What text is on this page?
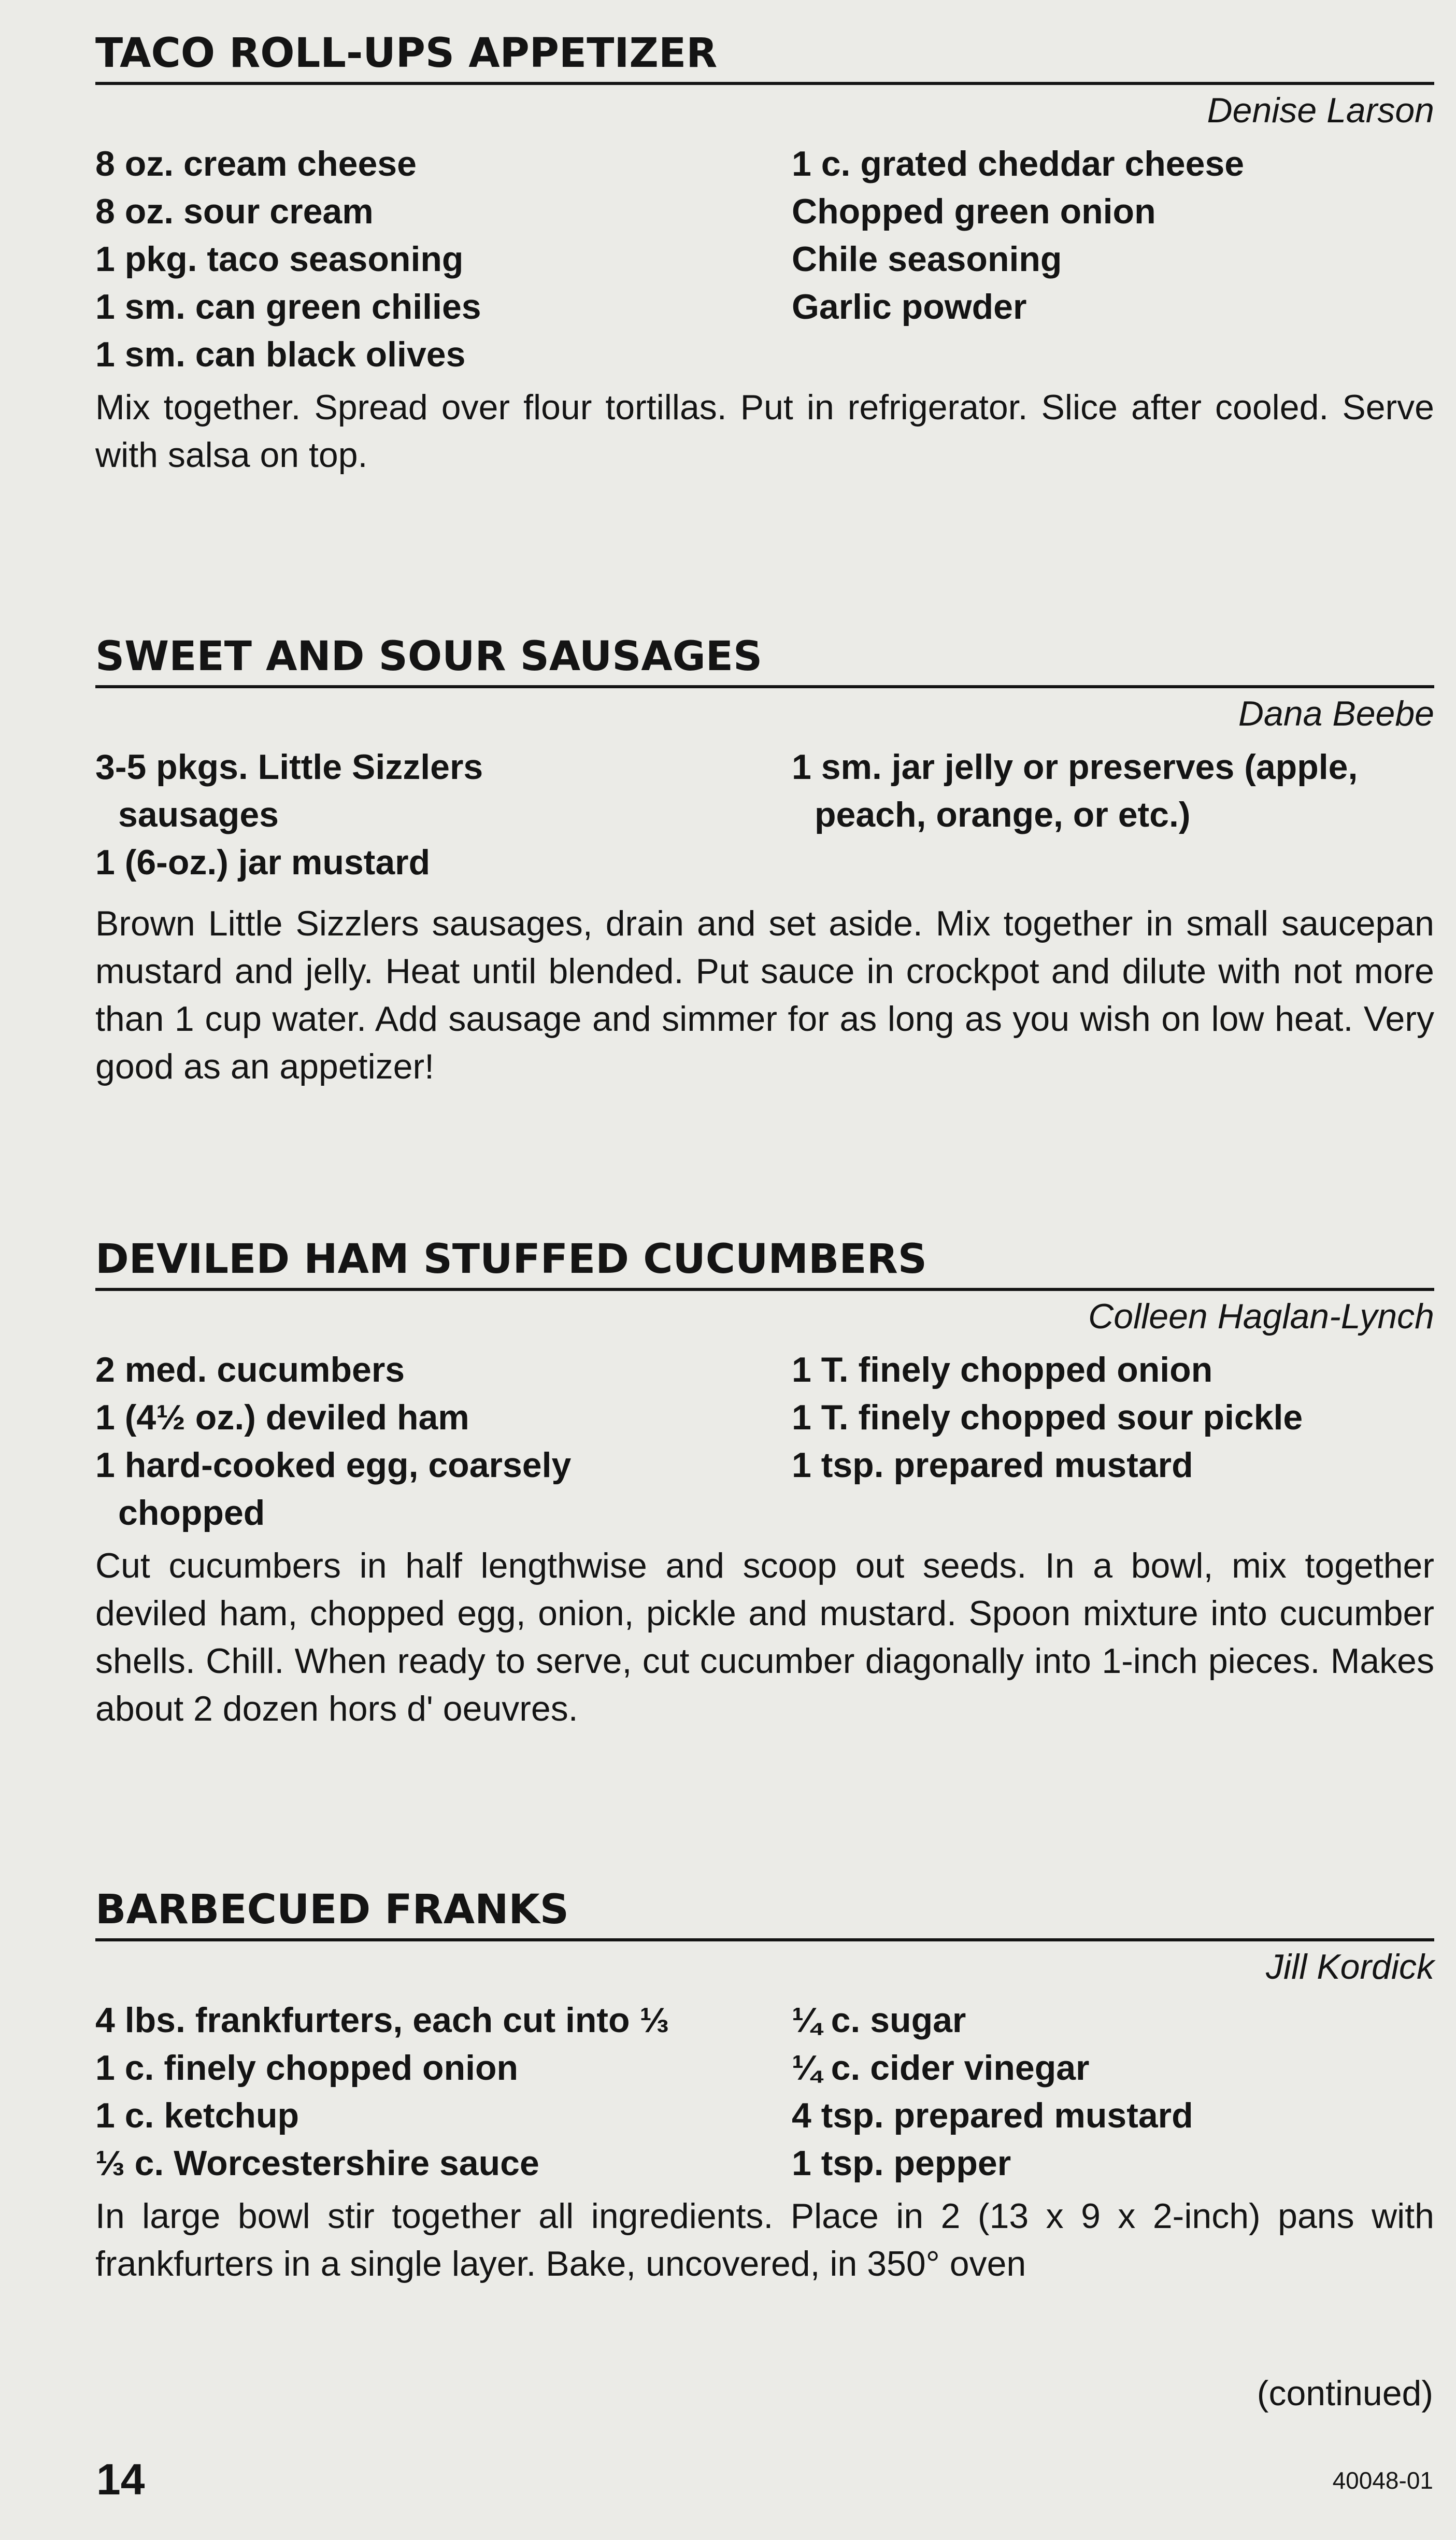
TACO ROLL-UPS APPETIZER
Denise Larson
8 oz. cream cheese
8 oz. sour cream
1 pkg. taco seasoning
1 sm. can green chilies
1 sm. can black olives
1 c. grated cheddar cheese
Chopped green onion
Chile seasoning
Garlic powder
Mix together. Spread over flour tortillas. Put in refrigerator. Slice after cooled. Serve with salsa on top.
SWEET AND SOUR SAUSAGES
Dana Beebe
3-5 pkgs. Little Sizzlers sausages
1 (6-oz.) jar mustard
1 sm. jar jelly or preserves (apple, peach, orange, or etc.)
Brown Little Sizzlers sausages, drain and set aside. Mix together in small saucepan mustard and jelly. Heat until blended. Put sauce in crockpot and dilute with not more than 1 cup water. Add sausage and simmer for as long as you wish on low heat. Very good as an appetizer!
DEVILED HAM STUFFED CUCUMBERS
Colleen Haglan-Lynch
2 med. cucumbers
1 (4½ oz.) deviled ham
1 hard-cooked egg, coarsely chopped
1 T. finely chopped onion
1 T. finely chopped sour pickle
1 tsp. prepared mustard
Cut cucumbers in half lengthwise and scoop out seeds. In a bowl, mix together deviled ham, chopped egg, onion, pickle and mustard. Spoon mixture into cucumber shells. Chill. When ready to serve, cut cucumber diagonally into 1-inch pieces. Makes about 2 dozen hors d' oeuvres.
BARBECUED FRANKS
Jill Kordick
4 lbs. frankfurters, each cut into ⅓
1 c. finely chopped onion
1 c. ketchup
⅓ c. Worcestershire sauce
¼ c. sugar
¼ c. cider vinegar
4 tsp. prepared mustard
1 tsp. pepper
In large bowl stir together all ingredients. Place in 2 (13 x 9 x 2-inch) pans with frankfurters in a single layer. Bake, uncovered, in 350° oven
(continued)
14	40048-01
